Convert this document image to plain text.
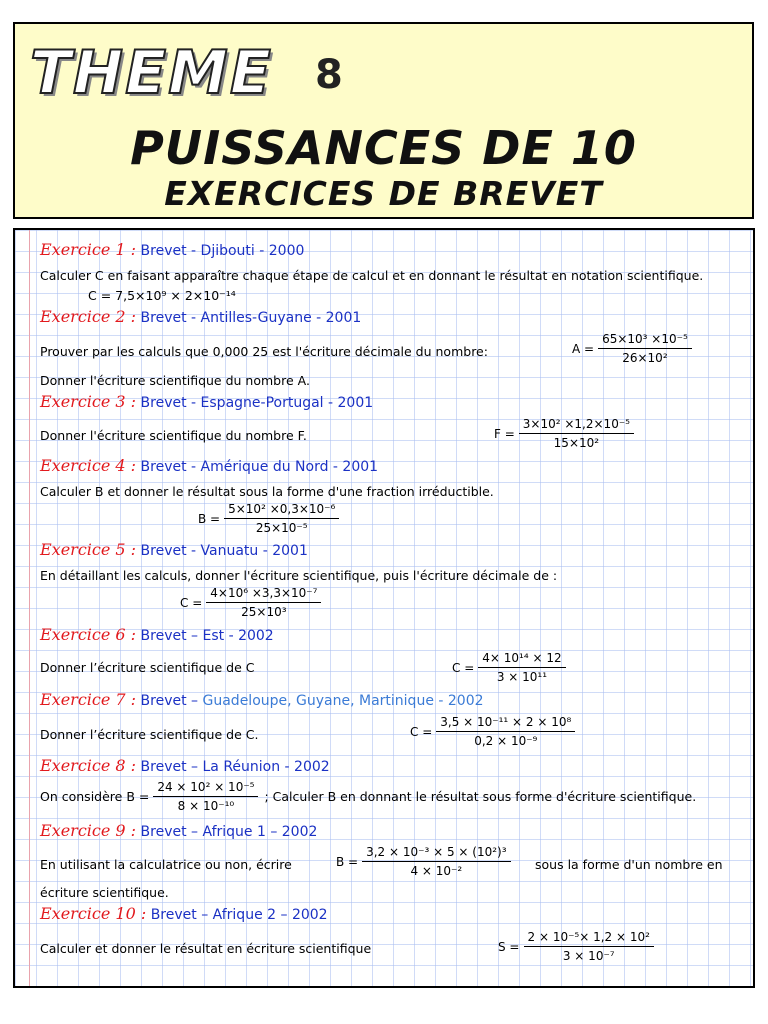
THEME 8
PUISSANCES DE 10
EXERCICES DE BREVET
Exercice 1 : Brevet - Djibouti - 2000
Calculer C en faisant apparaître chaque étape de calcul et en donnant le résultat en notation scientifique.
C = 7,5×10⁹ × 2×10⁻¹⁴
Exercice 2 : Brevet - Antilles-Guyane - 2001
Prouver par les calculs que 0,000 25 est l'écriture décimale du nombre:	$A = \frac{\text{65×10³ ×10⁻⁵}}{\text{26×10²}}$
Donner l'écriture scientifique du nombre A.
Exercice 3 : Brevet - Espagne-Portugal - 2001
Donner l'écriture scientifique du nombre F.	$F = \frac{\text{3×10² ×1,2×10⁻⁵}}{\text{15×10²}}$
Exercice 4 : Brevet - Amérique du Nord - 2001
Calculer B et donner le résultat sous la forme d'une fraction irréductible.
$B = \frac{\text{5×10² ×0,3×10⁻⁶}}{\text{25×10⁻⁵}}$
Exercice 5 : Brevet - Vanuatu - 2001
En détaillant les calculs, donner l'écriture scientifique, puis l'écriture décimale de :
$C = \frac{\text{4×10⁶ ×3,3×10⁻⁷}}{\text{25×10³}}$
Exercice 6 : Brevet – Est - 2002
Donner l’écriture scientifique de C	$C = \frac{\text{4× 10¹⁴ × 12}}{\text{3 × 10¹¹}}$
Exercice 7 : Brevet – Guadeloupe, Guyane, Martinique - 2002
Donner l’écriture scientifique de C.	$C = \frac{\text{3,5 × 10⁻¹¹ × 2 × 10⁸}}{\text{0,2 × 10⁻⁹}}$
Exercice 8 : Brevet – La Réunion - 2002
On considère $B = \frac{\text{24 × 10² × 10⁻⁵}}{\text{8 × 10⁻¹⁰}}$ ; Calculer B en donnant le résultat sous forme d'écriture scientifique.
Exercice 9 : Brevet – Afrique 1 – 2002
En utilisant la calculatrice ou non, écrire	$B = \frac{\text{3,2 × 10⁻³ × 5 × (10²)³}}{\text{4 × 10⁻²}}$ sous la forme d'un nombre en
écriture scientifique.
Exercice 10 : Brevet – Afrique 2 – 2002
Calculer et donner le résultat en écriture scientifique	$S = \frac{\text{2 × 10⁻⁵× 1,2 × 10²}}{\text{3 × 10⁻⁷}}$
